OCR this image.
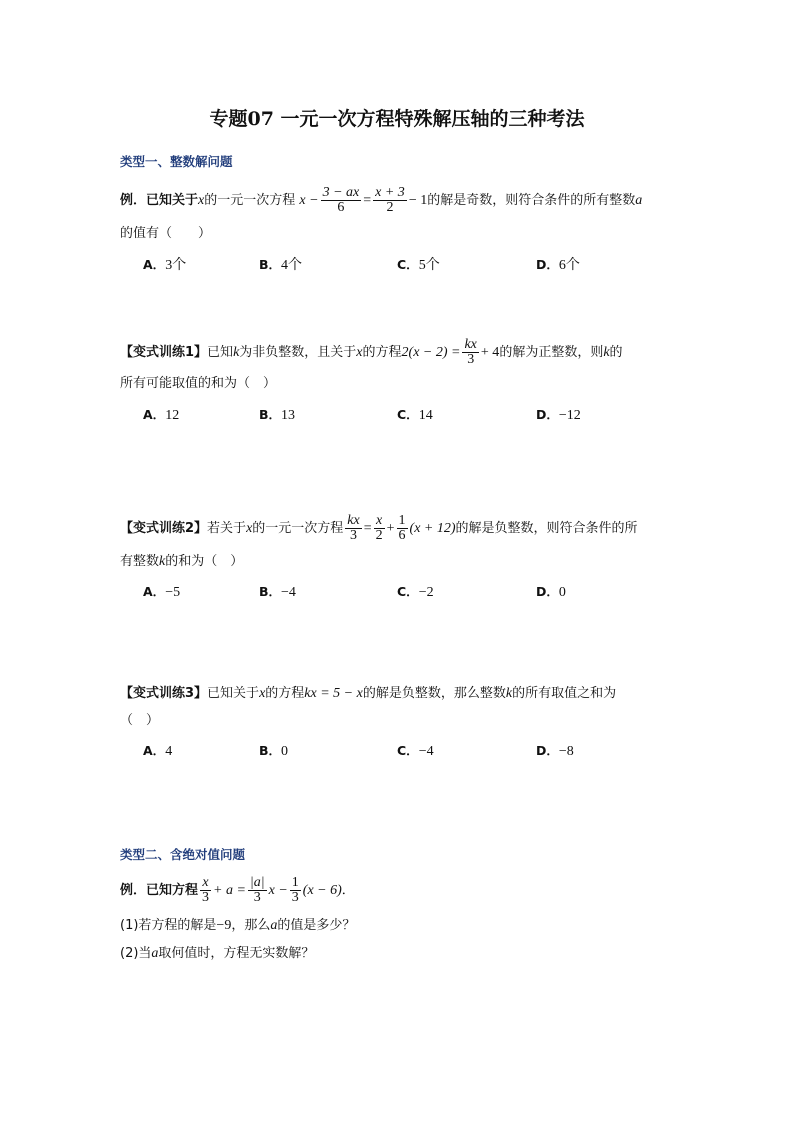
专题07 一元一次方程特殊解压轴的三种考法
类型一、整数解问题
例．已知关于x的一元一次方程 $x - \frac{3 - ax}{6} = \frac{x + 3}{2} - 1$的解是奇数，则符合条件的所有整数a
的值有（　　）
A．3个	B．4个	C．5个	D．6个
【变式训练1】已知k为非负整数，且关于x的方程$2(x - 2) = \frac{kx}{3} + 4$的解为正整数，则k的
所有可能取值的和为（　）
A．12	B．13	C．14	D．−12
【变式训练2】若关于x的一元一次方程 $\frac{kx}{3} = \frac{x}{2} + \frac{1}{6} (x + 12)$的解是负整数，则符合条件的所
有整数k的和为（　）
A．−5	B．−4	C．−2	D．0
【变式训练3】已知关于x的方程kx = 5 − x的解是负整数，那么整数k的所有取值之和为
（　）
A．4	B．0	C．−4	D．−8
类型二、含绝对值问题
例．已知方程 $\frac{x}{3} + a = \frac{|a|}{3}$ $x - \frac{1}{3} (x - 6)$．
(1)若方程的解是−9，那么a的值是多少？
(2)当a取何值时，方程无实数解？
